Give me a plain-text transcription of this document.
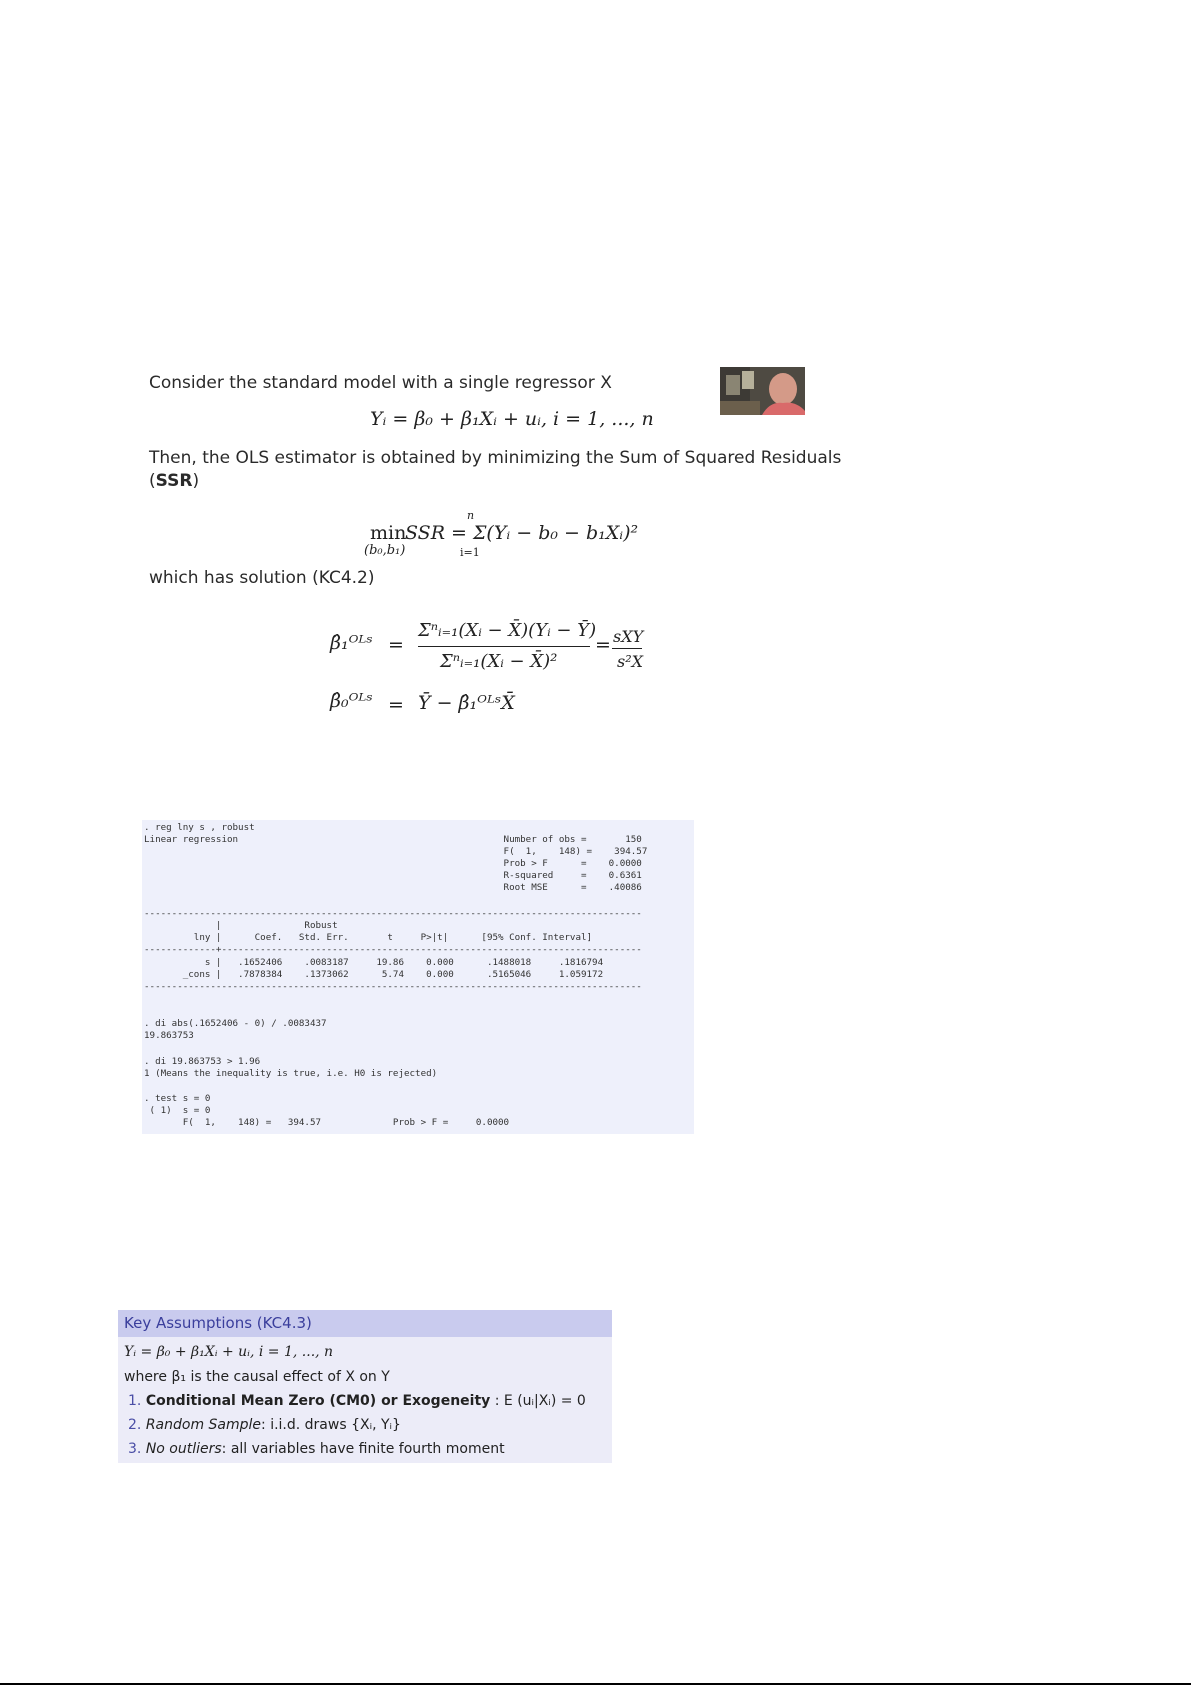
Consider the standard model with a single regressor X
Yᵢ = β₀ + β₁Xᵢ + uᵢ, i = 1, ..., n
Then, the OLS estimator is obtained by minimizing the Sum of Squared Residuals
(SSR)
min
(b₀,b₁)
SSR = Σ(Yᵢ − b₀ − b₁Xᵢ)²
n
i=1
which has solution (KC4.2)
β̂₁ᴼᴸˢ =
Σⁿᵢ₌₁(Xᵢ − X̄)(Yᵢ − Ȳ)
Σⁿᵢ₌₁(Xᵢ − X̄)²
= sXY
s²X
β̂₀ᴼᴸˢ = Ȳ − β̂₁ᴼᴸˢX̄

. reg lny s , robust

Linear regression                                                Number of obs =       150

F(  1,    148) =    394.57

Prob > F      =    0.0000

R-squared     =    0.6361

Root MSE      =    .40086

------------------------------------------------------------------------------------------

|               Robust

lny |      Coef.   Std. Err.       t     P>|t|      [95% Conf. Interval]

-------------+----------------------------------------------------------------------------

s |   .1652406    .0083187     19.86    0.000      .1488018     .1816794

_cons |   .7878384    .1373062      5.74    0.000      .5165046     1.059172

------------------------------------------------------------------------------------------

. di abs(.1652406 - 0) / .0083437

19.863753

. di 19.863753 > 1.96

1 (Means the inequality is true, i.e. H0 is rejected)

. test s = 0

( 1)  s = 0

F(  1,    148) =   394.57             Prob > F =     0.0000

Key Assumptions (KC4.3)
Yᵢ = β₀ + β₁Xᵢ + uᵢ, i = 1, ..., n
where β₁ is the causal effect of X on Y
1. Conditional Mean Zero (CM0) or Exogeneity : E (uᵢ|Xᵢ) = 0
2. Random Sample: i.i.d. draws {Xᵢ, Yᵢ}
3. No outliers: all variables have finite fourth moment
